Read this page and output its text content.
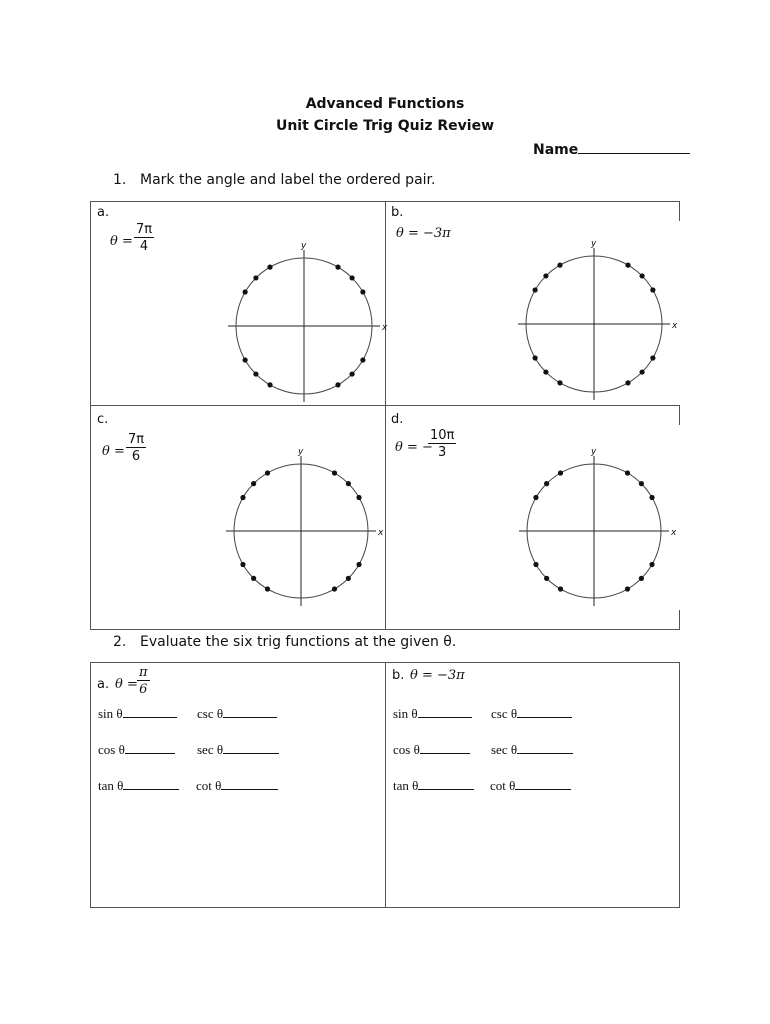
Advanced Functions
Unit Circle Trig Quiz Review
Name
1. Mark the angle and label the ordered pair.
a.
$\theta = \frac{7\pi}{4}$
x
y
b.
θ = −3π
x
y
c.
$\theta = \frac{7\pi}{6}$
x
y
d.
θ = −
$\frac{10\pi}{3}$
x
y
2. Evaluate the six trig functions at the given θ.
a. $\theta = \frac{\pi}{6}$
sin θ	csc θ
cos θ	sec θ
tan θ	cot θ
b. θ = −3π
sin θ	csc θ
cos θ	sec θ
tan θ	cot θ
